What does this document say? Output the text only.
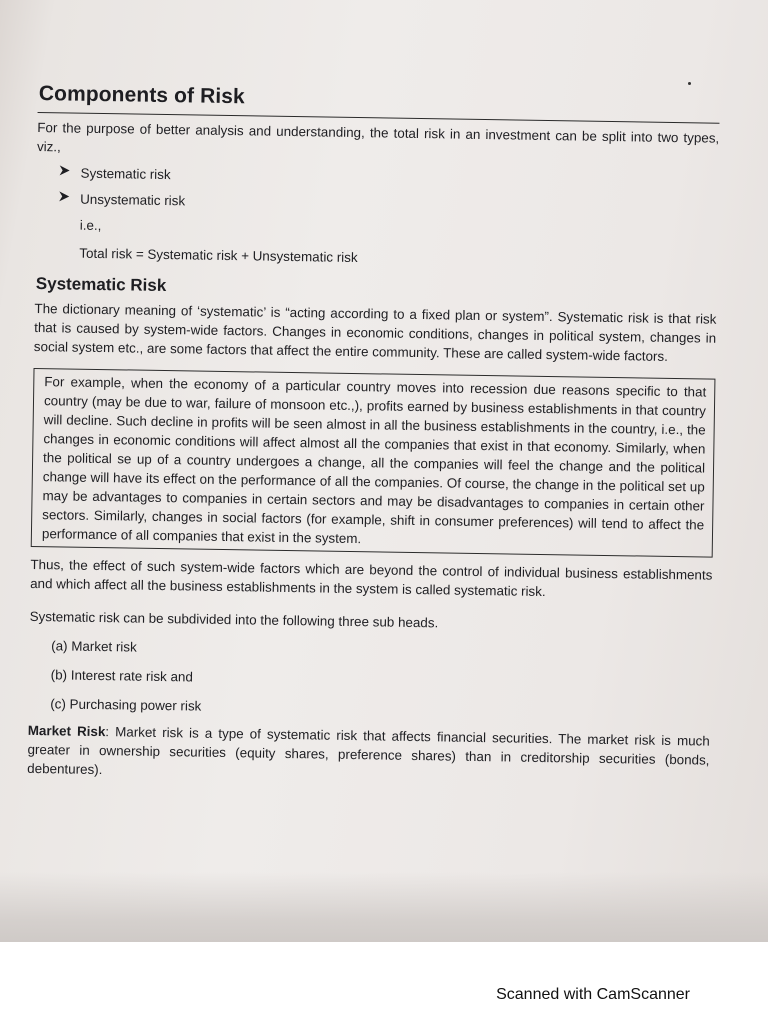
Components of Risk

For the purpose of better analysis and understanding, the total risk in an investment can be split into two types, viz.,

Systematic risk
Unsystematic risk
i.e.,
Total risk = Systematic risk + Unsystematic risk
Systematic Risk

The dictionary meaning of ‘systematic’ is “acting according to a fixed plan or system”. Systematic risk is that risk that is caused by system-wide factors. Changes in economic conditions, changes in political system, changes in social system etc., are some factors that affect the entire community. These are called system-wide factors.

For example, when the economy of a particular country moves into recession due reasons specific to that country (may be due to war, failure of monsoon etc.,), profits earned by business establishments in that country will decline. Such decline in profits will be seen almost in all the business establishments in the country, i.e., the changes in economic conditions will affect almost all the companies that exist in that economy. Similarly, when the political se up of a country undergoes a change, all the companies will feel the change and the political change will have its effect on the performance of all the companies. Of course, the change in the political set up may be advantages to companies in certain sectors and may be disadvantages to companies in certain other sectors. Similarly, changes in social factors (for example, shift in consumer preferences) will tend to affect the performance of all companies that exist in the system.

Thus, the effect of such system-wide factors which are beyond the control of individual business establishments and which affect all the business establishments in the system is called systematic risk.

Systematic risk can be subdivided into the following three sub heads.

(a) Market risk
(b) Interest rate risk and
(c) Purchasing power risk

Market Risk: Market risk is a type of systematic risk that affects financial securities. The market risk is much greater in ownership securities (equity shares, preference shares) than in creditorship securities (bonds, debentures).

Scanned with CamScanner
